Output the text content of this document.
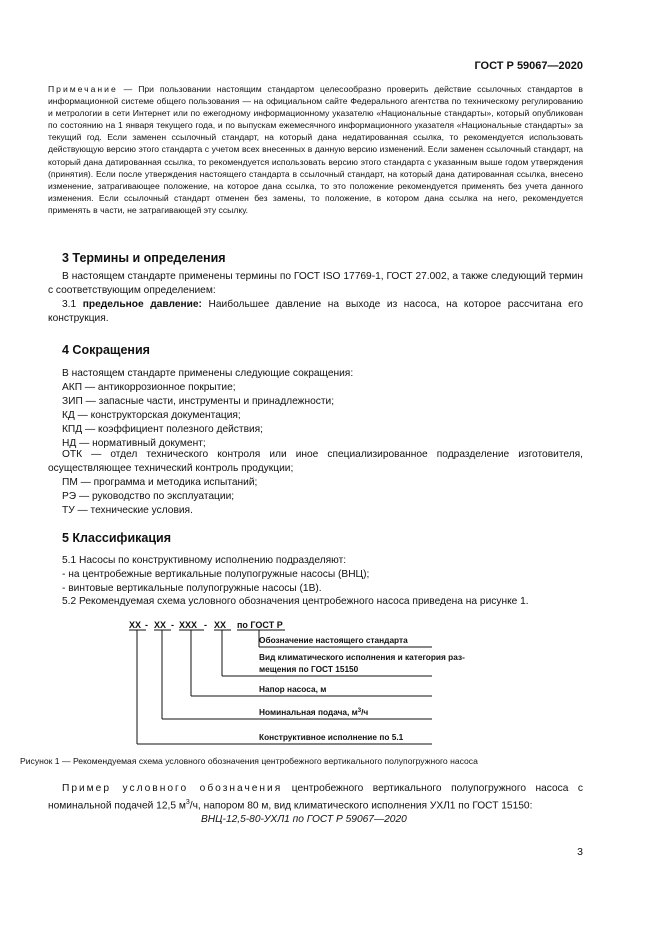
ГОСТ Р 59067—2020
Примечание — При пользовании настоящим стандартом целесообразно проверить действие ссылочных стандартов в информационной системе общего пользования — на официальном сайте Федерального агентства по техническому регулированию и метрологии в сети Интернет или по ежегодному информационному указателю «Национальные стандарты», который опубликован по состоянию на 1 января текущего года, и по выпускам ежемесячного информационного указателя «Национальные стандарты» за текущий год. Если заменен ссылочный стандарт, на который дана недатированная ссылка, то рекомендуется использовать действующую версию этого стандарта с учетом всех внесенных в данную версию изменений. Если заменен ссылочный стандарт, на который дана датированная ссылка, то рекомендуется использовать версию этого стандарта с указанным выше годом утверждения (принятия). Если после утверждения настоящего стандарта в ссылочный стандарт, на который дана датированная ссылка, внесено изменение, затрагивающее положение, на которое дана ссылка, то это положение рекомендуется применять без учета данного изменения. Если ссылочный стандарт отменен без замены, то положение, в котором дана ссылка на него, рекомендуется применять в части, не затрагивающей эту ссылку.
3 Термины и определения
В настоящем стандарте применены термины по ГОСТ ISO 17769-1, ГОСТ 27.002, а также следующий термин с соответствующим определением:
3.1 предельное давление: Наибольшее давление на выходе из насоса, на которое рассчитана его конструкция.
4 Сокращения
В настоящем стандарте применены следующие сокращения:
АКП — антикоррозионное покрытие;
ЗИП — запасные части, инструменты и принадлежности;
КД — конструкторская документация;
КПД — коэффициент полезного действия;
НД — нормативный документ;
ОТК — отдел технического контроля или иное специализированное подразделение изготовителя, осуществляющее технический контроль продукции;
ПМ — программа и методика испытаний;
РЭ — руководство по эксплуатации;
ТУ — технические условия.
5 Классификация
5.1 Насосы по конструктивному исполнению подразделяют:
- на центробежные вертикальные полупогружные насосы (ВНЦ);
- винтовые вертикальные полупогружные насосы (1В).
5.2 Рекомендуемая схема условного обозначения центробежного насоса приведена на рисунке 1.
XX - XX - XXX - XX по ГОСТ Р
Обозначение настоящего стандарта
Вид климатического исполнения и категория раз-
мещения по ГОСТ 15150
Напор насоса, м
Номинальная подача, $м^3/ч$
Конструктивное исполнение по 5.1
Рисунок 1 — Рекомендуемая схема условного обозначения центробежного вертикального полупогружного насоса
Пример условного обозначения центробежного вертикального полупогружного насоса с номинальной подачей 12,5 $м^3/ч$, напором 80 м, вид климатического исполнения УХЛ1 по ГОСТ 15150:
ВНЦ-12,5-80-УХЛ1 по ГОСТ Р 59067—2020
3
